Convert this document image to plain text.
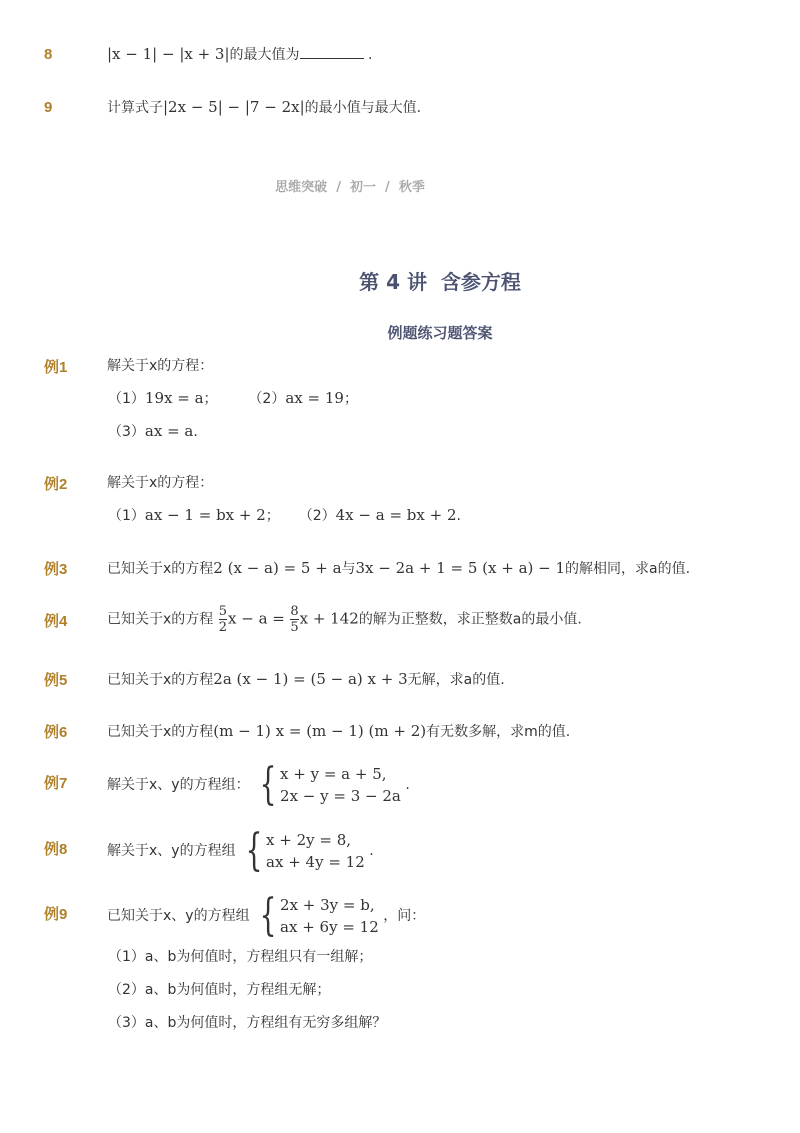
8	|x − 1| − |x + 3|的最大值为	.
9	计算式子|2x − 5| − |7 − 2x|的最小值与最大值.
思维突破  /  初一  /  秋季
第 4 讲  含参方程
例题练习题答案
例1	解关于x的方程：
（1）19x = a； （2）ax = 19；
（3）ax = a.
例2	解关于x的方程：
（1）ax − 1 = bx + 2； （2）4x − a = bx + 2.
例3	已知关于x的方程2 (x − a) = 5 + a与3x − 2a + 1 = 5 (x + a) − 1的解相同，求a的值.
例4	已知关于x的方程 $\frac{5}{2}$ $x - a = \frac{8}{5}$ x + 142的解为正整数，求正整数a的最小值.
例5	已知关于x的方程2a (x − 1) = (5 − a) x + 3无解，求a的值.
例6	已知关于x的方程(m − 1) x = (m − 1) (m + 2)有无数多解，求m的值.
例7	解关于x、y的方程组： { x + y = a + 5,
2x − y = 3 − 2a
.
例8	解关于x、y的方程组 { x + 2y = 8,
ax + 4y = 12
.
例9	已知关于x、y的方程组 { 2x + 3y = b,
ax + 6y = 12
，问：
（1）a、b为何值时，方程组只有一组解；
（2）a、b为何值时，方程组无解；
（3）a、b为何值时，方程组有无穷多组解？
